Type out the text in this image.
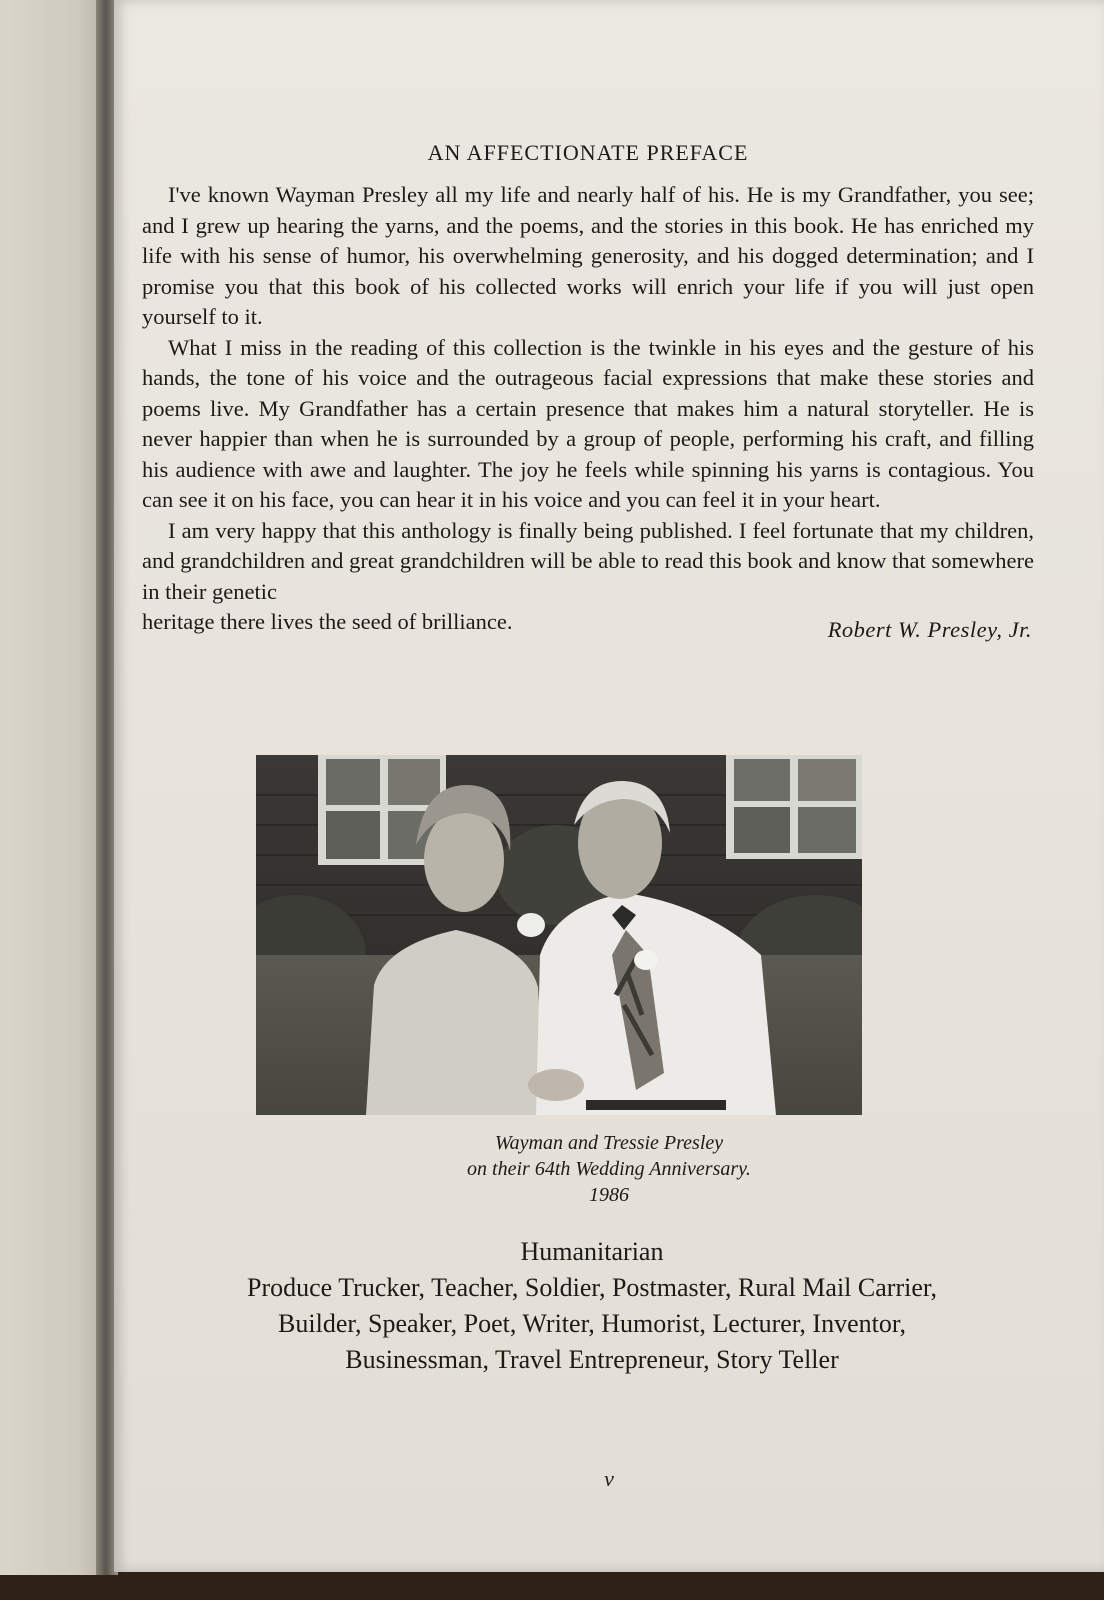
AN AFFECTIONATE PREFACE

I've known Wayman Presley all my life and nearly half of his. He is my Grandfather, you see; and I grew up hearing the yarns, and the poems, and the stories in this book. He has enriched my life with his sense of humor, his overwhelming generosity, and his dogged determination; and I promise you that this book of his collected works will enrich your life if you will just open yourself to it.

What I miss in the reading of this collection is the twinkle in his eyes and the gesture of his hands, the tone of his voice and the outrageous facial expressions that make these stories and poems live. My Grandfather has a certain presence that makes him a natural storyteller. He is never happier than when he is surrounded by a group of people, performing his craft, and filling his audience with awe and laughter. The joy he feels while spinning his yarns is contagious. You can see it on his face, you can hear it in his voice and you can feel it in your heart.

I am very happy that this anthology is finally being published. I feel fortunate that my children, and grandchildren and great grandchildren will be able to read this book and know that somewhere in their genetic

heritage there lives the seed of brilliance.	Robert W. Presley, Jr.
Wayman and Tressie Presley
on their 64th Wedding Anniversary.
1986
Humanitarian
Produce Trucker, Teacher, Soldier, Postmaster, Rural Mail Carrier,
Builder, Speaker, Poet, Writer, Humorist, Lecturer, Inventor,
Businessman, Travel Entrepreneur, Story Teller
v
